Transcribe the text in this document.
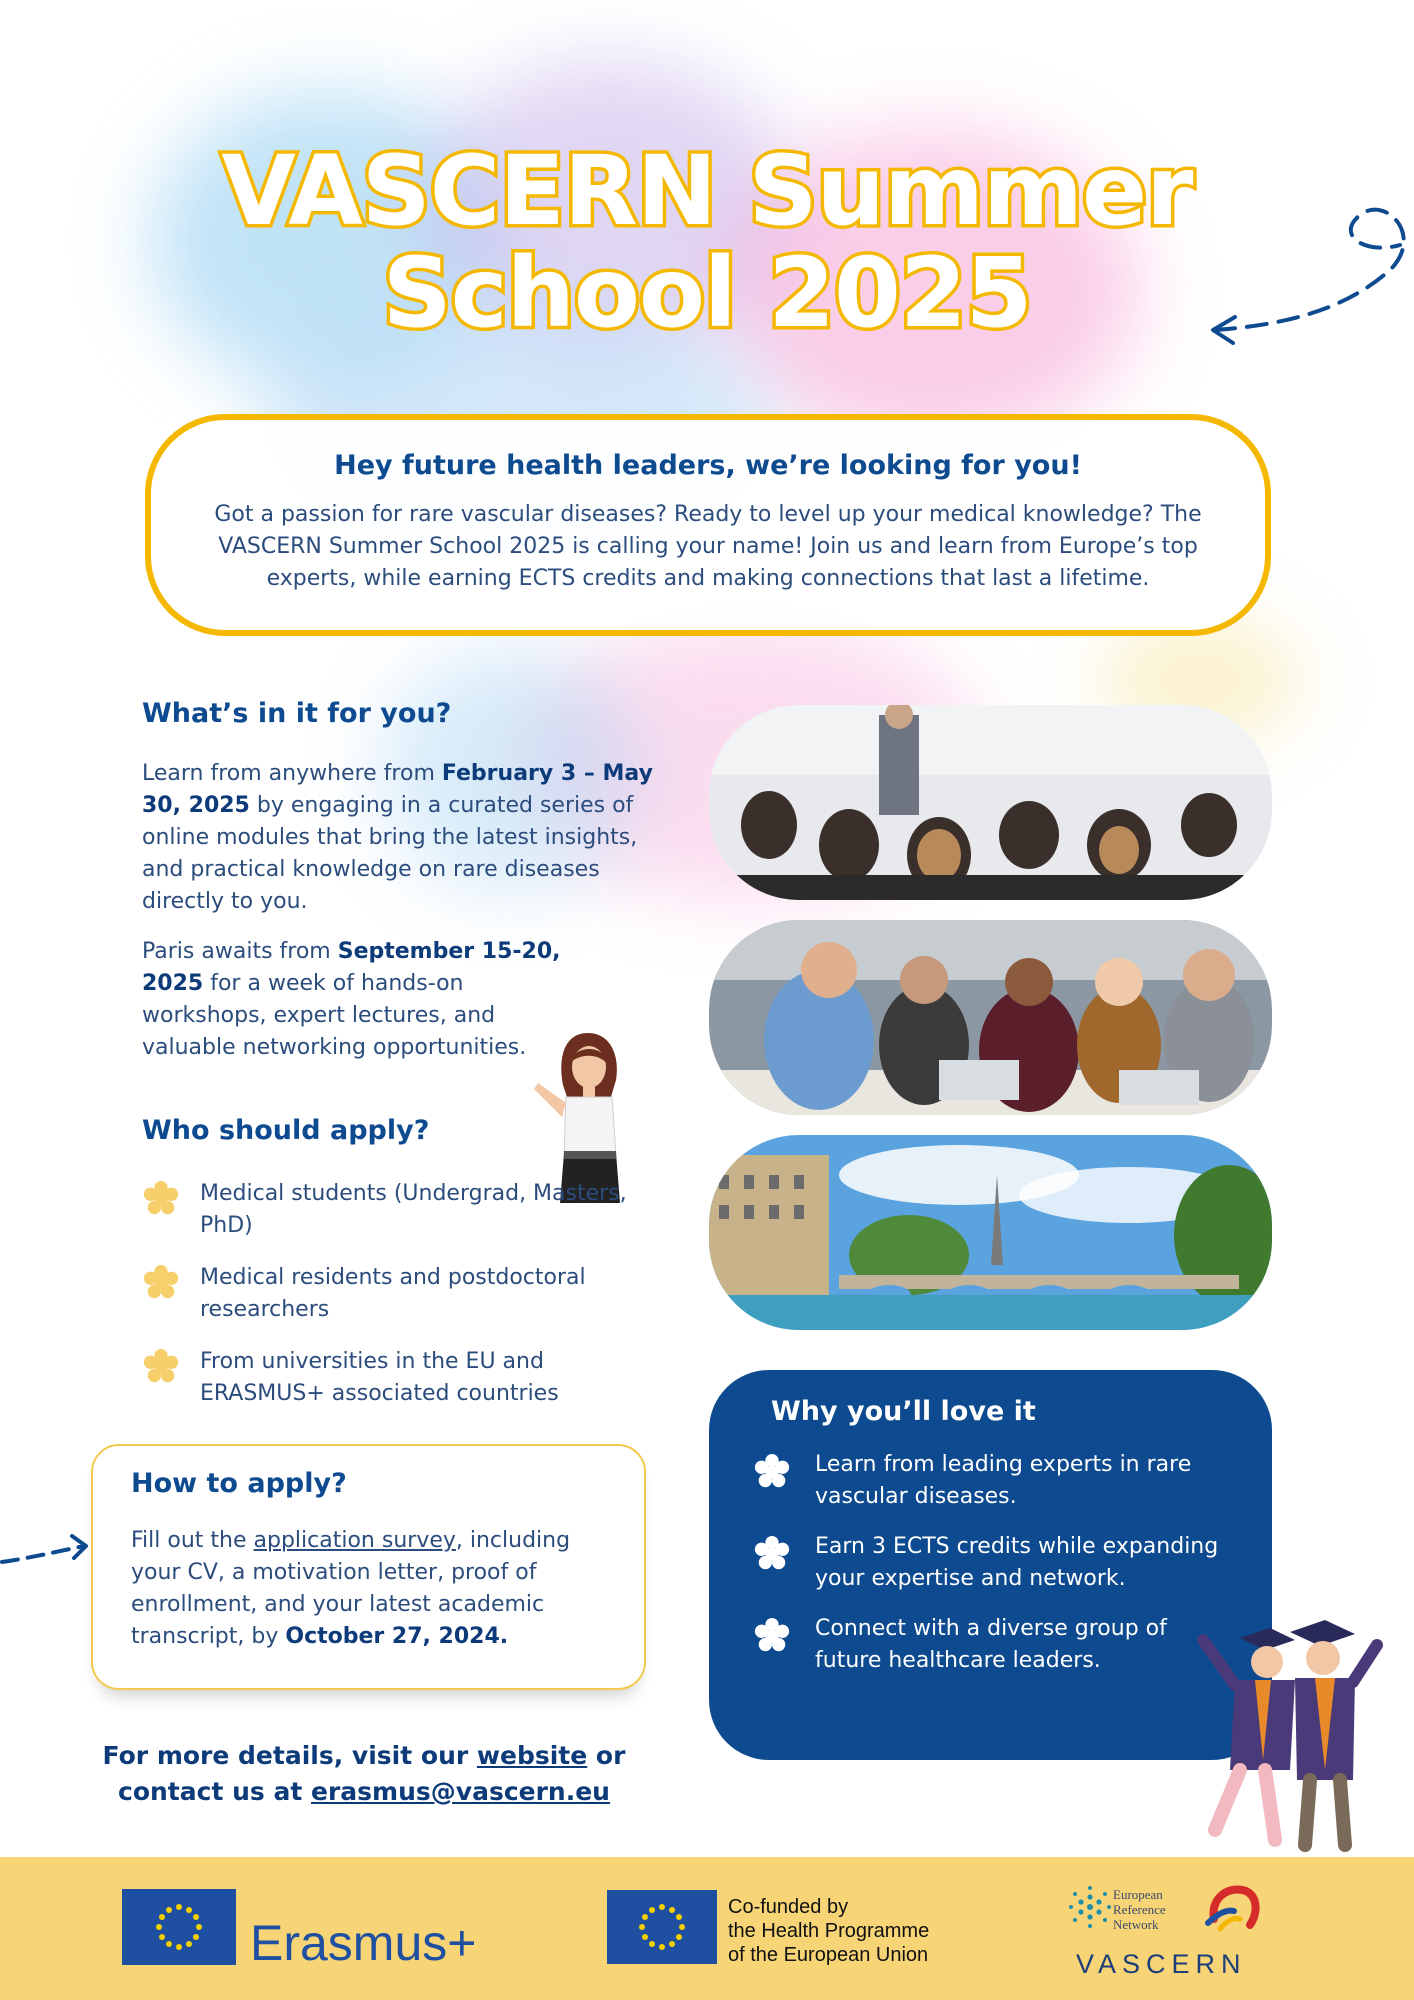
VASCERN Summer
School 2025
Hey future health leaders, we’re looking for you!

Got a passion for rare vascular diseases? Ready to level up your medical knowledge? The VASCERN Summer School 2025 is calling your name! Join us and learn from Europe’s top experts, while earning ECTS credits and making connections that last a lifetime.

What’s in it for you?

Learn from anywhere from February 3 – May 30, 2025 by engaging in a curated series of online modules that bring the latest insights, and practical knowledge on rare diseases directly to you.

Paris awaits from September 15-20, 2025 for a week of hands-on workshops, expert lectures, and valuable networking opportunities.

Who should apply?
Medical students (Undergrad, Masters, PhD)
Medical residents and postdoctoral researchers
From universities in the EU and ERASMUS+ associated countries
How to apply?

Fill out the application survey, including your CV, a motivation letter, proof of enrollment, and your latest academic transcript, by October 27, 2024.

Why you’ll love it
Learn from leading experts in rare vascular diseases.
Earn 3 ECTS credits while expanding your expertise and network.
Connect with a diverse group of future healthcare leaders.

For more details, visit our website or contact us at erasmus@vascern.eu

Erasmus+
Co-funded by
the Health Programme
of the European Union
European
Reference
Network
VASCERN
